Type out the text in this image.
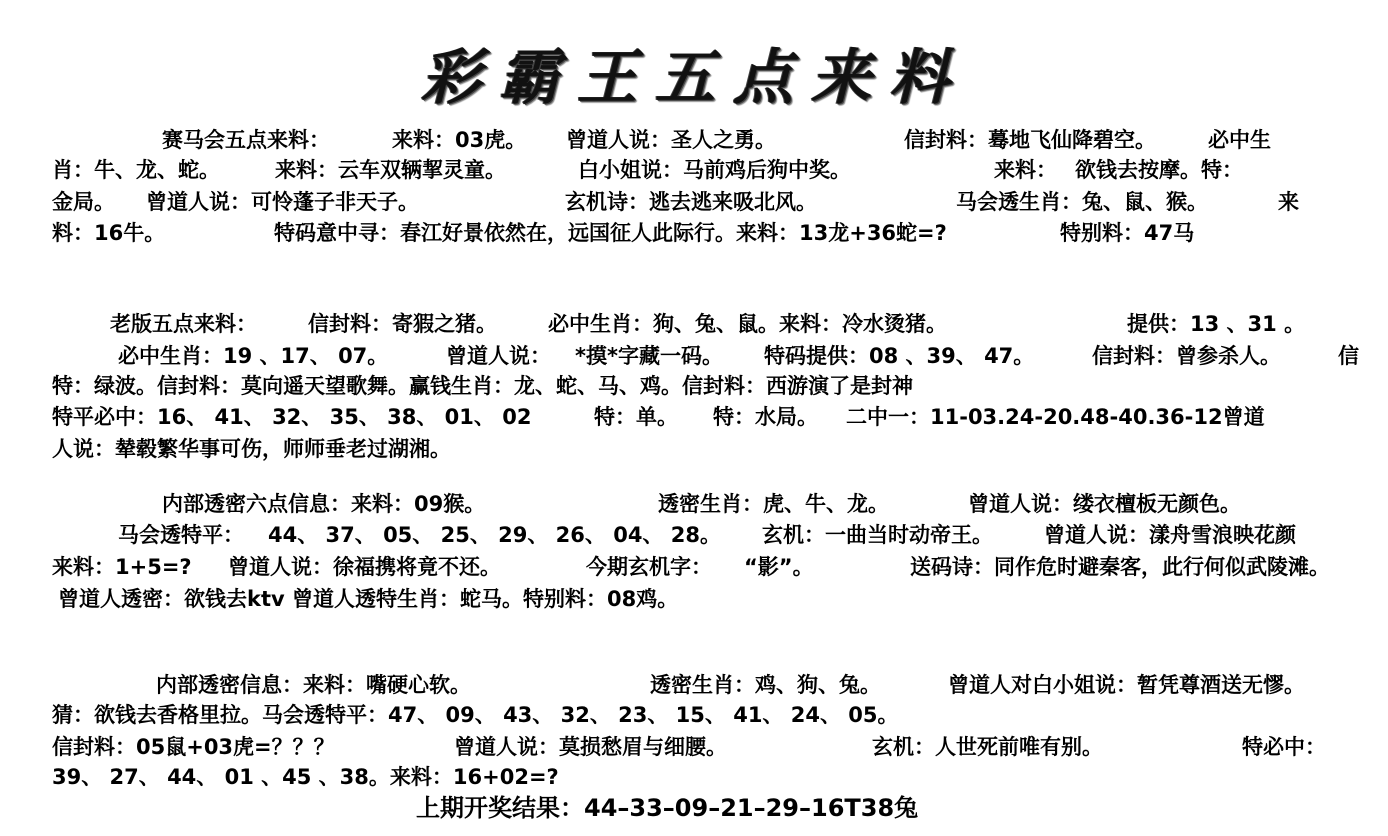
彩霸王五点来料

赛马会五点来料：

	来料：03虎。

曾道人说：圣人之勇。

	信封料：蓦地飞仙降碧空。

必中生

肖：牛、龙、蛇。

	来料：云车双辆挈灵童。

	白小姐说：马前鸡后狗中奖。

	来料：

欲钱去按摩。特：

金局。

曾道人说：可怜蓬子非天子。

	玄机诗：逃去逃来吸北风。

	马会透生肖：兔、鼠、猴。

	来

料：16牛。

	特码意中寻：春江好景依然在，远国征人此际行。来料：13龙+36蛇=?

	特别料：47马

老版五点来料：

信封料：寄猳之猪。

必中生肖：狗、兔、鼠。来料：冷水烫猪。

	提供：13 、31 。

必中生肖：19 、17、 07。

	曾道人说：

*摸*字藏一码。

特码提供：08 、39、 47。

	信封料：曾参杀人。

	信

特：绿波。信封料：莫向遥天望歌舞。赢钱生肖：龙、蛇、马、鸡。信封料：西游演了是封神

特平必中：16、 41、 32、 35、 38、 01、 02

	特：单。

特：水局。

二中一：11-03.24-20.48-40.36-12曾道

人说：辇毂繁华事可伤，师师垂老过湖湘。

内部透密六点信息：来料：09猴。

	透密生肖：虎、牛、龙。

	曾道人说：缕衣檀板无颜色。

马会透特平：

44、 37、 05、 25、 29、 26、 04、 28。

玄机：一曲当时动帝王。

曾道人说：漾舟雪浪映花颜

来料：1+5=?

曾道人说：徐福携将竟不还。

	今期玄机字：

“影”。

	送码诗：同作危时避秦客，此行何似武陵滩。

曾道人透密：欲钱去ktv 曾道人透特生肖：蛇马。特别料：08鸡。

内部透密信息：来料：嘴硬心软。

	透密生肖：鸡、狗、兔。

	曾道人对白小姐说：暂凭尊酒送无憀。

猜：欲钱去香格里拉。马会透特平：47、 09、 43、 32、 23、 15、 41、 24、 05。

信封料：05鼠+03虎=？？？

	曾道人说：莫损愁眉与细腰。

	玄机：人世死前唯有别。

	特必中：

39、 27、 44、 01 、45 、38。来料：16+02=?

上期开奖结果：44–33–09–21–29–16T38兔
